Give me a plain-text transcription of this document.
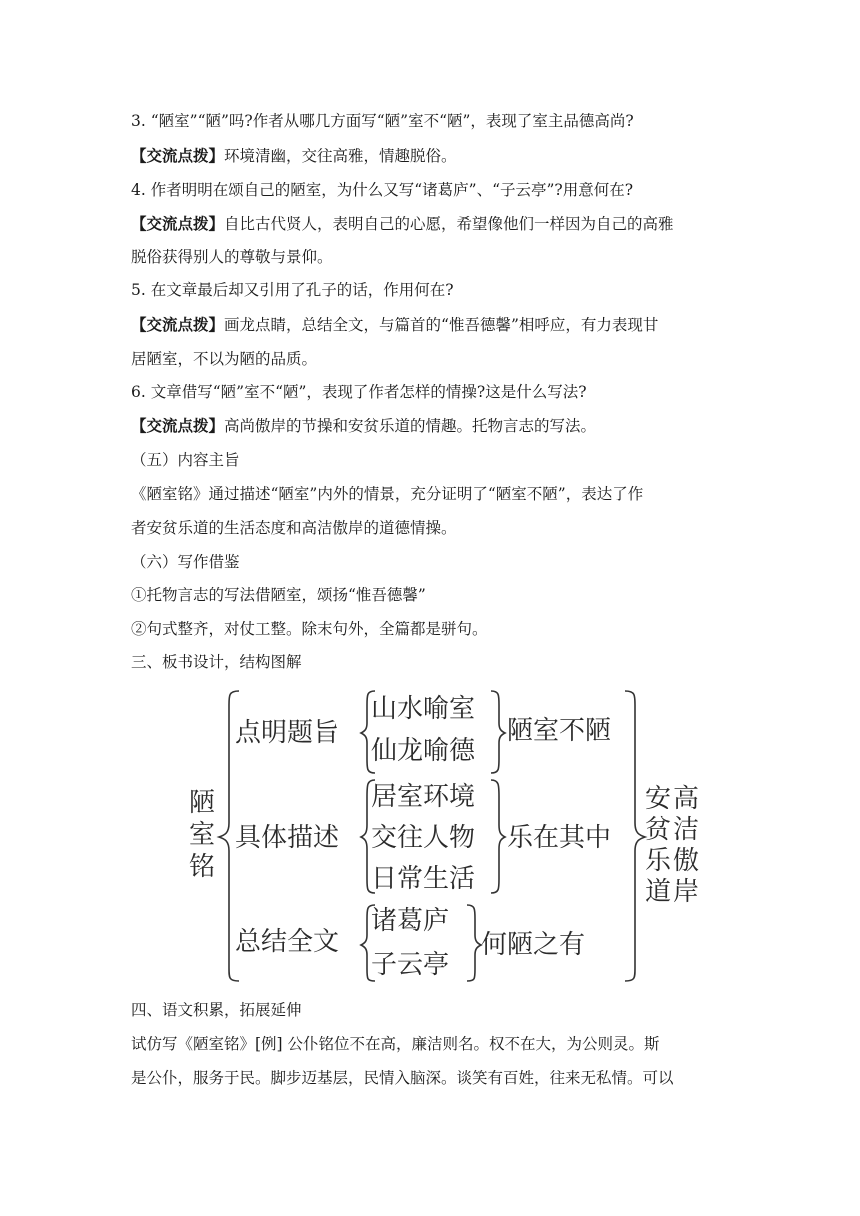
3. “陋室”“陋”吗?作者从哪几方面写“陋”室不“陋”，表现了室主品德高尚?
【交流点拨】环境清幽，交往高雅，情趣脱俗。
4. 作者明明在颂自己的陋室，为什么又写“诸葛庐”、“子云亭”?用意何在?
【交流点拨】自比古代贤人，表明自己的心愿，希望像他们一样因为自己的高雅
脱俗获得别人的尊敬与景仰。
5. 在文章最后却又引用了孔子的话，作用何在?
【交流点拨】画龙点睛，总结全文，与篇首的“惟吾德馨”相呼应，有力表现甘
居陋室，不以为陋的品质。
6. 文章借写“陋”室不“陋”，表现了作者怎样的情操?这是什么写法?
【交流点拨】高尚傲岸的节操和安贫乐道的情趣。托物言志的写法。
（五）内容主旨
《陋室铭》通过描述“陋室”内外的情景，充分证明了“陋室不陋”，表达了作
者安贫乐道的生活态度和高洁傲岸的道德情操。
（六）写作借鉴
①托物言志的写法借陋室，颂扬“惟吾德馨”
②句式整齐，对仗工整。除末句外，全篇都是骈句。
三、板书设计，结构图解
陋
室
铭
点明题旨
山水喻室
仙龙喻德
陋室不陋
具体描述
居室环境
交往人物
日常生活
乐在其中
总结全文
诸葛庐
子云亭
何陋之有
安
贫
乐
道
高
洁
傲
岸
四、语文积累，拓展延伸
试仿写《陋室铭》[例] 公仆铭位不在高，廉洁则名。权不在大，为公则灵。斯
是公仆，服务于民。脚步迈基层，民情入脑深。谈笑有百姓，往来无私情。可以
